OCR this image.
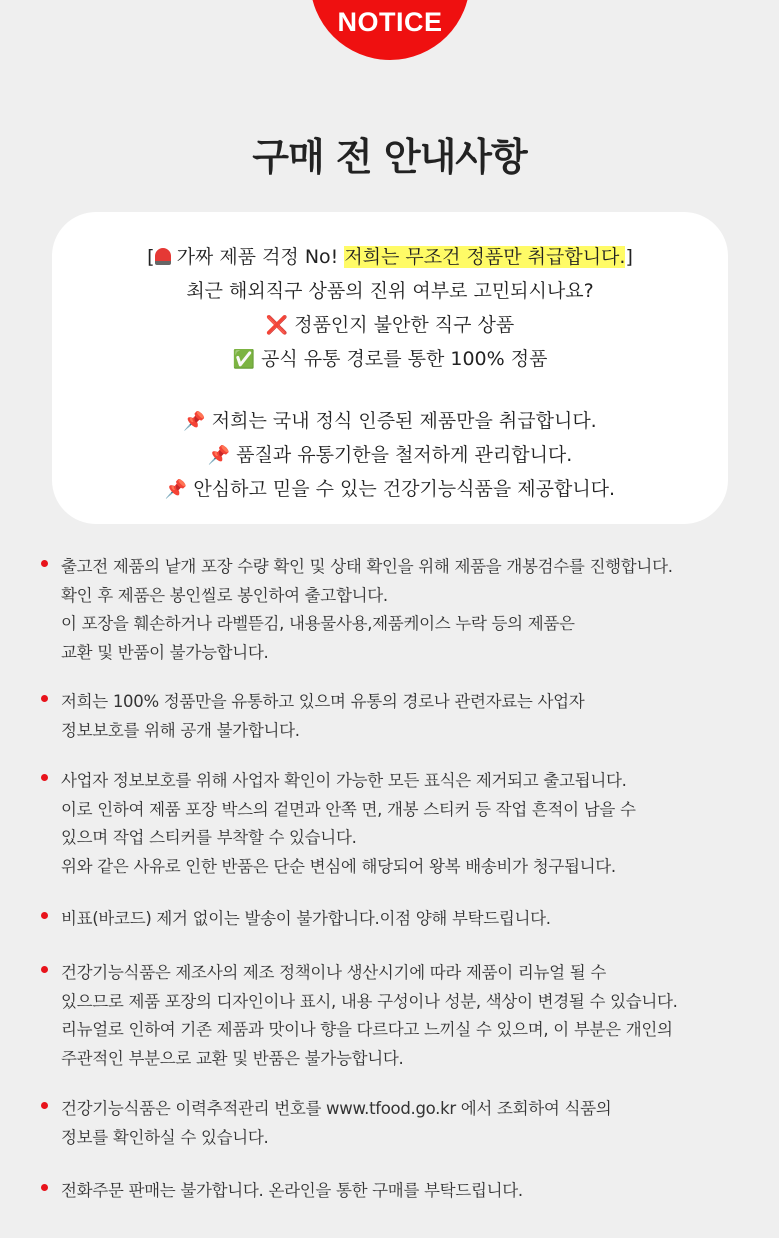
NOTICE
구매 전 안내사항
[ 가짜 제품 걱정 No! 저희는 무조건 정품만 취급합니다.]
최근 해외직구 상품의 진위 여부로 고민되시나요?
❌ 정품인지 불안한 직구 상품
✅ 공식 유통 경로를 통한 100% 정품
📌 저희는 국내 정식 인증된 제품만을 취급합니다.
📌 품질과 유통기한을 철저하게 관리합니다.
📌 안심하고 믿을 수 있는 건강기능식품을 제공합니다.
출고전 제품의 낱개 포장 수량 확인 및 상태 확인을 위해 제품을 개봉검수를 진행합니다.
확인 후 제품은 봉인씰로 봉인하여 출고합니다.
이 포장을 훼손하거나 라벨뜯김, 내용물사용,제품케이스 누락 등의 제품은
교환 및 반품이 불가능합니다.
저희는 100% 정품만을 유통하고 있으며 유통의 경로나 관련자료는 사업자
정보보호를 위해 공개 불가합니다.
사업자 정보보호를 위해 사업자 확인이 가능한 모든 표식은 제거되고 출고됩니다.
이로 인하여 제품 포장 박스의 겉면과 안쪽 면, 개봉 스티커 등 작업 흔적이 남을 수
있으며 작업 스티커를 부착할 수 있습니다.
위와 같은 사유로 인한 반품은 단순 변심에 해당되어 왕복 배송비가 청구됩니다.
비표(바코드) 제거 없이는 발송이 불가합니다.이점 양해 부탁드립니다.
건강기능식품은 제조사의 제조 정책이나 생산시기에 따라 제품이 리뉴얼 될 수
있으므로 제품 포장의 디자인이나 표시, 내용 구성이나 성분, 색상이 변경될 수 있습니다.
리뉴얼로 인하여 기존 제품과 맛이나 향을 다르다고 느끼실 수 있으며, 이 부분은 개인의
주관적인 부분으로 교환 및 반품은 불가능합니다.
건강기능식품은 이력추적관리 번호를 www.tfood.go.kr 에서 조회하여 식품의
정보를 확인하실 수 있습니다.
전화주문 판매는 불가합니다. 온라인을 통한 구매를 부탁드립니다.
